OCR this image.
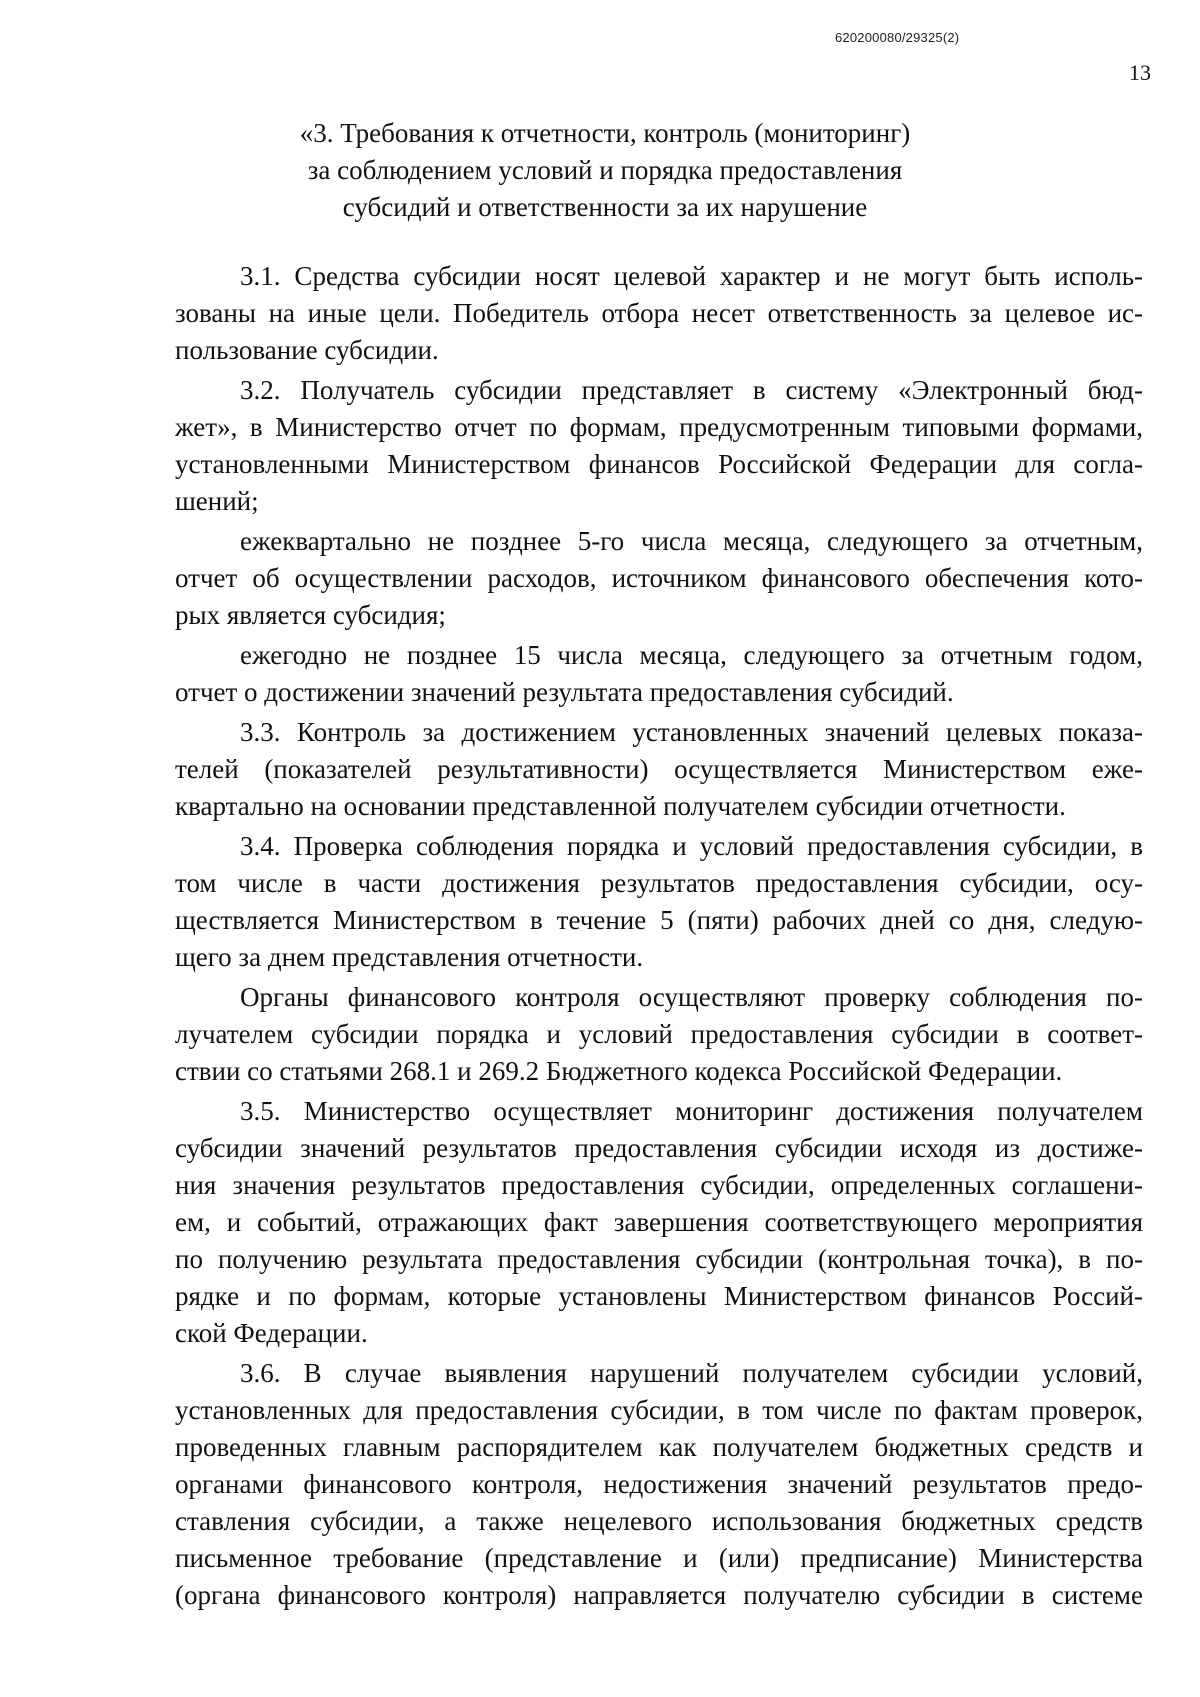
620200080/29325(2)
13
«3. Требования к отчетности, контроль (мониторинг)
за соблюдением условий и порядка предоставления
субсидий и ответственности за их нарушение
3.1. Средства субсидии носят целевой характер и не могут быть исполь-
зованы на иные цели. Победитель отбора несет ответственность за целевое ис-
пользование субсидии.
3.2. Получатель субсидии представляет в систему «Электронный бюд-
жет», в Министерство отчет по формам, предусмотренным типовыми формами,
установленными Министерством финансов Российской Федерации для согла-
шений;
ежеквартально не позднее 5-го числа месяца, следующего за отчетным,
отчет об осуществлении расходов, источником финансового обеспечения кото-
рых является субсидия;
ежегодно не позднее 15 числа месяца, следующего за отчетным годом,
отчет о достижении значений результата предоставления субсидий.
3.3. Контроль за достижением установленных значений целевых показа-
телей (показателей результативности) осуществляется Министерством еже-
квартально на основании представленной получателем субсидии отчетности.
3.4. Проверка соблюдения порядка и условий предоставления субсидии, в
том числе в части достижения результатов предоставления субсидии, осу-
ществляется Министерством в течение 5 (пяти) рабочих дней со дня, следую-
щего за днем представления отчетности.
Органы финансового контроля осуществляют проверку соблюдения по-
лучателем субсидии порядка и условий предоставления субсидии в соответ-
ствии со статьями 268.1 и 269.2 Бюджетного кодекса Российской Федерации.
3.5. Министерство осуществляет мониторинг достижения получателем
субсидии значений результатов предоставления субсидии исходя из достиже-
ния значения результатов предоставления субсидии, определенных соглашени-
ем, и событий, отражающих факт завершения соответствующего мероприятия
по получению результата предоставления субсидии (контрольная точка), в по-
рядке и по формам, которые установлены Министерством финансов Россий-
ской Федерации.
3.6. В случае выявления нарушений получателем субсидии условий,
установленных для предоставления субсидии, в том числе по фактам проверок,
проведенных главным распорядителем как получателем бюджетных средств и
органами финансового контроля, недостижения значений результатов предо-
ставления субсидии, а также нецелевого использования бюджетных средств
письменное требование (представление и (или) предписание) Министерства
(органа финансового контроля) направляется получателю субсидии в системе
